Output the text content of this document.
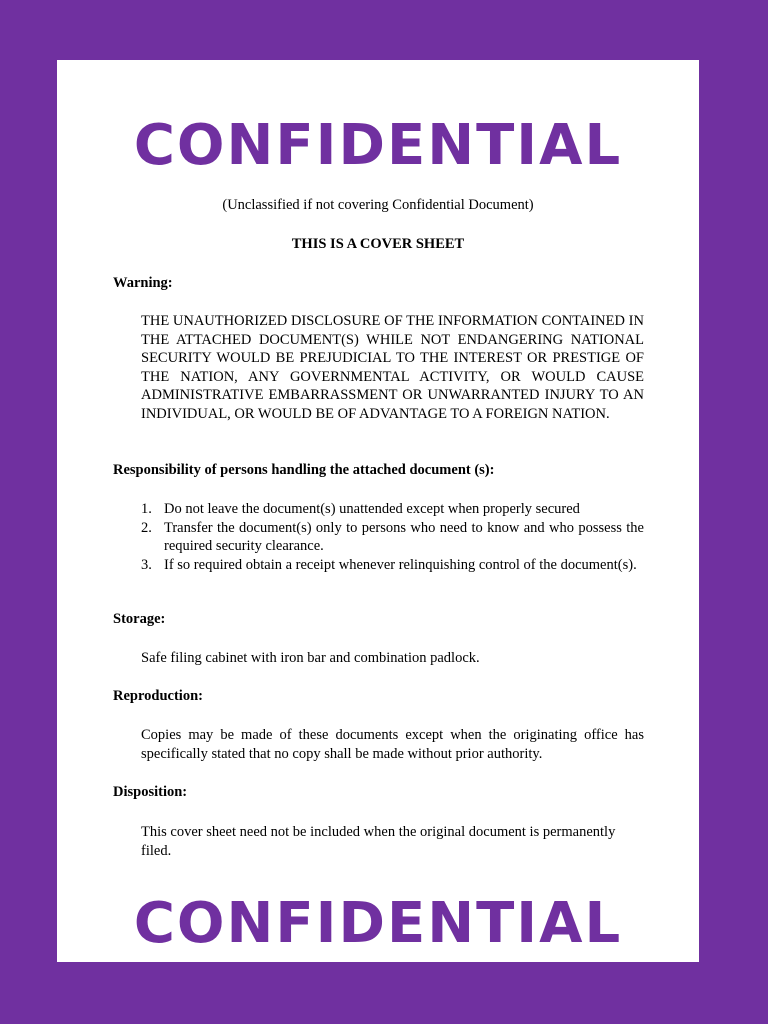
CONFIDENTIAL

(Unclassified if not covering Confidential Document)

THIS IS A COVER SHEET

Warning:

THE UNAUTHORIZED DISCLOSURE OF THE INFORMATION CONTAINED IN THE ATTACHED DOCUMENT(S) WHILE NOT ENDANGERING NATIONAL SECURITY WOULD BE PREJUDICIAL TO THE INTEREST OR PRESTIGE OF THE NATION, ANY GOVERNMENTAL ACTIVITY, OR WOULD CAUSE ADMINISTRATIVE EMBARRASSMENT OR UNWARRANTED INJURY TO AN INDIVIDUAL, OR WOULD BE OF ADVANTAGE TO A FOREIGN NATION.

Responsibility of persons handling the attached document (s):

1. Do not leave the document(s) unattended except when properly secured
2. Transfer the document(s) only to persons who need to know and who possess the required security clearance.
3. If so required obtain a receipt whenever relinquishing control of the document(s).

Storage:

Safe filing cabinet with iron bar and combination padlock.

Reproduction:

Copies may be made of these documents except when the originating office has specifically stated that no copy shall be made without prior authority.

Disposition:

This cover sheet need not be included when the original document is permanently filed.

CONFIDENTIAL
